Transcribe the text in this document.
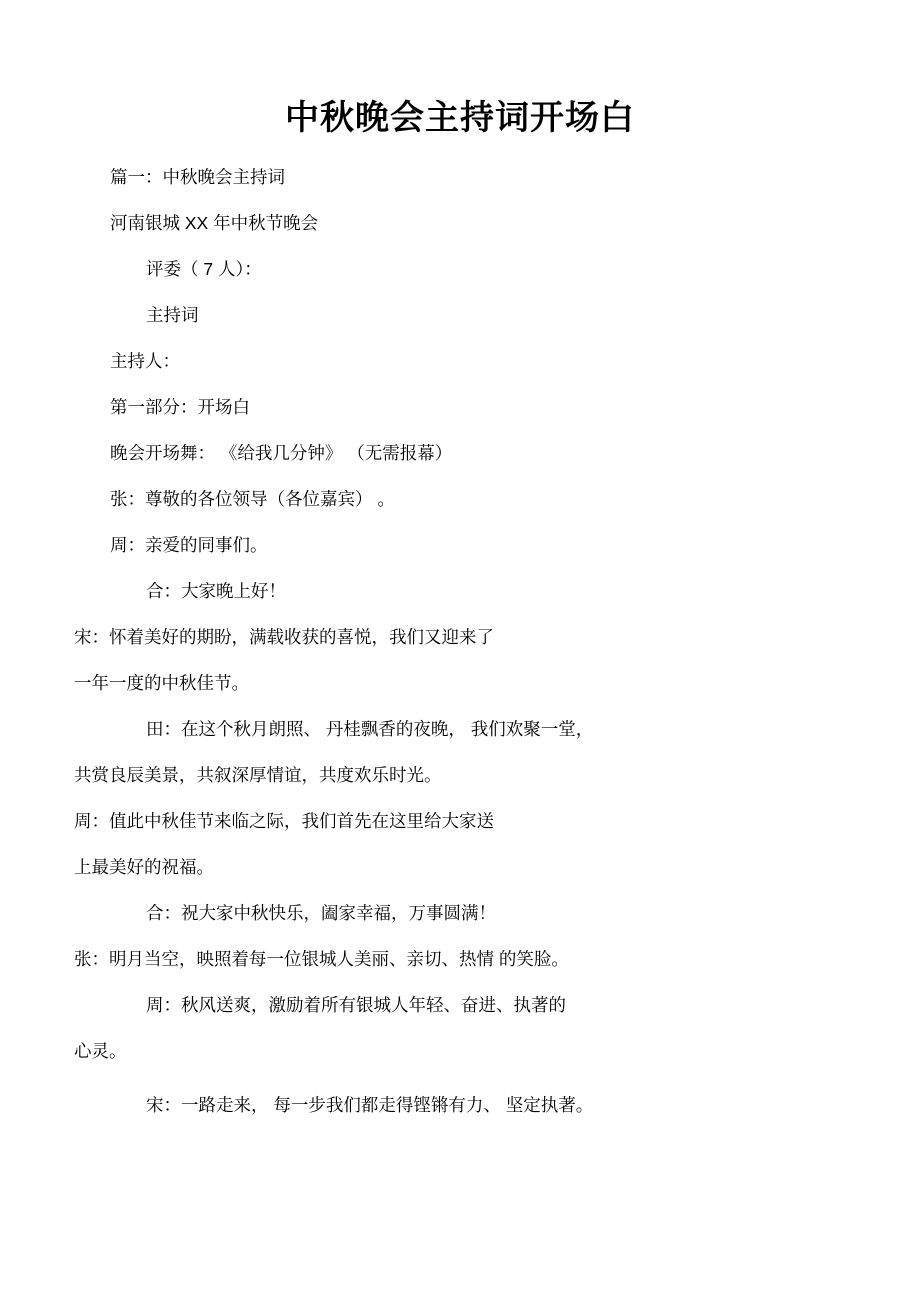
中秋晚会主持词开场白

篇一：中秋晚会主持词

河南银城 XX 年中秋节晚会

评委（ 7 人）：

主持词

主持人：

第一部分：开场白

晚会开场舞： 《给我几分钟》 （无需报幕）

张：尊敬的各位领导（各位嘉宾） 。

周：亲爱的同事们。

合：大家晚上好！

宋：怀着美好的期盼，满载收获的喜悦，我们又迎来了

一年一度的中秋佳节。

田：在这个秋月朗照、 丹桂飘香的夜晚， 我们欢聚一堂，

共赏良辰美景，共叙深厚情谊，共度欢乐时光。

周：值此中秋佳节来临之际，我们首先在这里给大家送

上最美好的祝福。

合：祝大家中秋快乐，阖家幸福，万事圆满！

张：明月当空，映照着每一位银城人美丽、亲切、热情 的笑脸。

周：秋风送爽，激励着所有银城人年轻、奋进、执著的

心灵。

宋：一路走来， 每一步我们都走得铿锵有力、 坚定执著。
